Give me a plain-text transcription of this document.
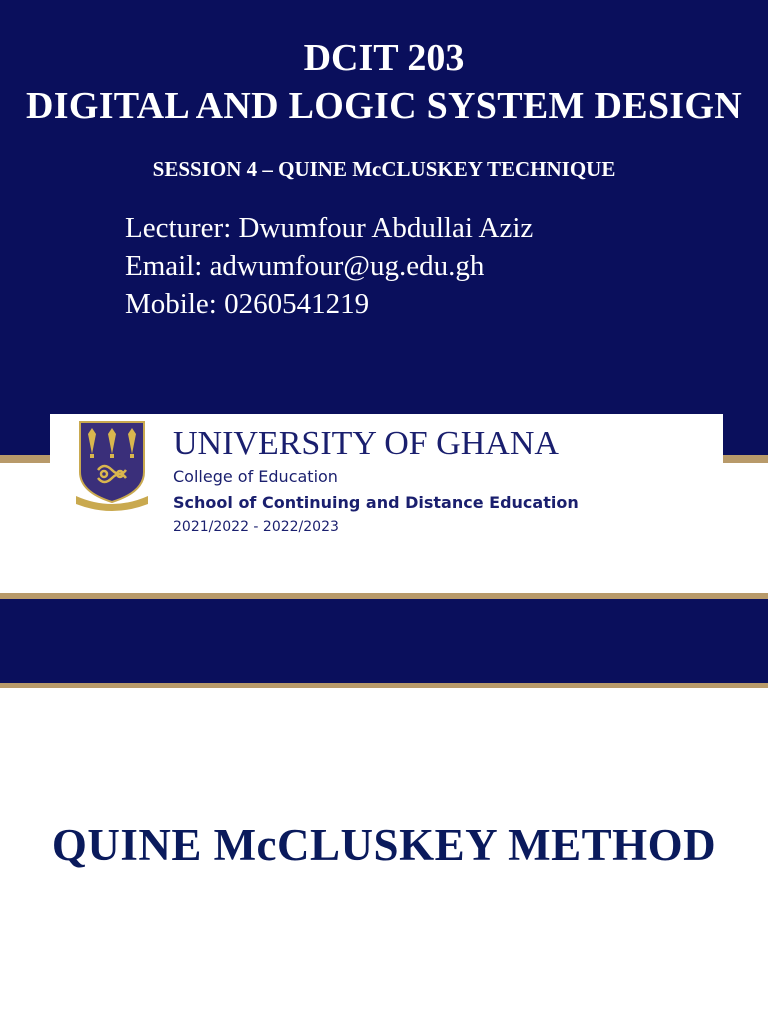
DCIT 203
DIGITAL AND LOGIC SYSTEM DESIGN
SESSION 4 – QUINE McCLUSKEY TECHNIQUE
Lecturer: Dwumfour Abdullai Aziz
Email: adwumfour@ug.edu.gh
Mobile: 0260541219
UNIVERSITY OF GHANA
College of Education
School of Continuing and Distance Education
2021/2022 - 2022/2023
QUINE McCLUSKEY METHOD
